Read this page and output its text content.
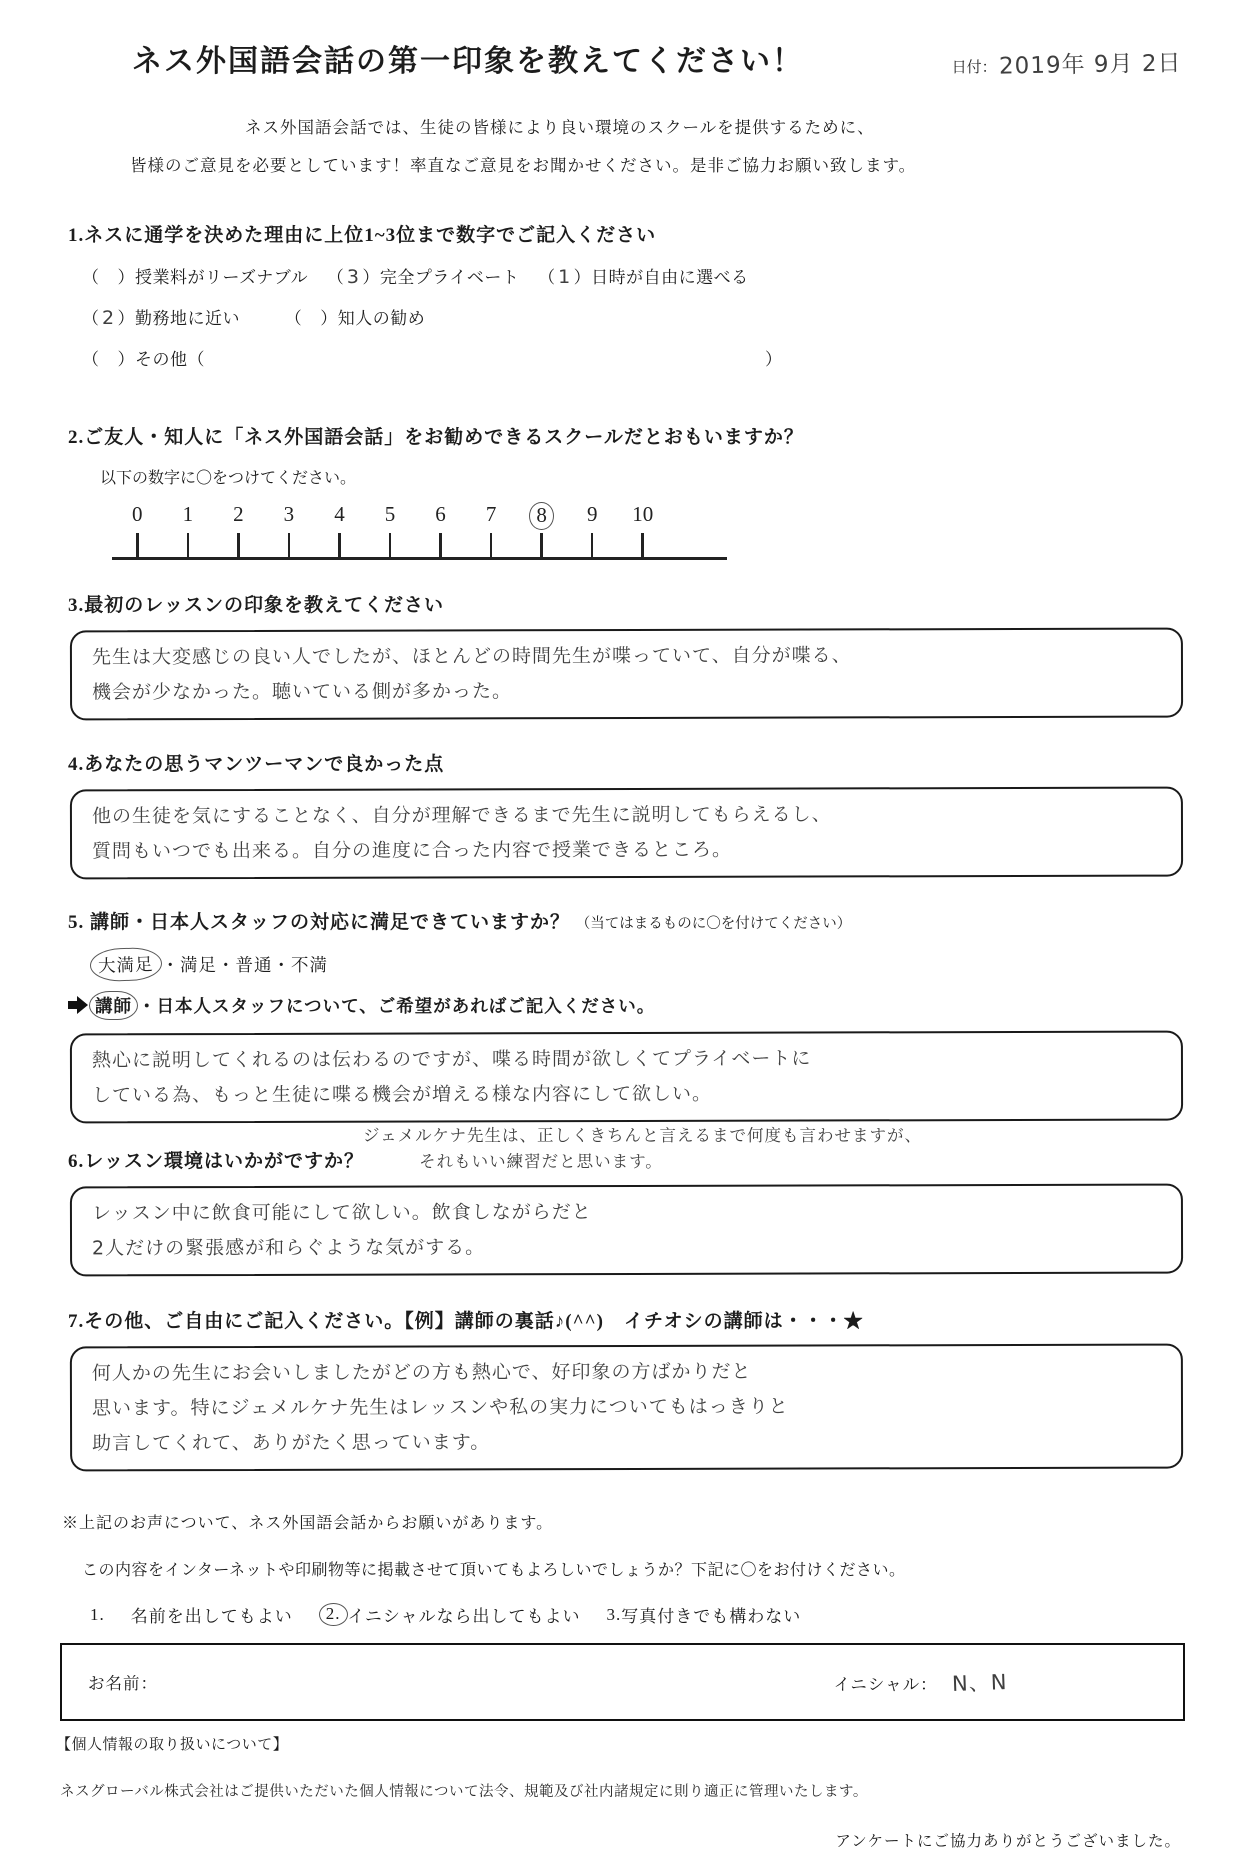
ネス外国語会話の第一印象を教えてください！	日付： 2019年 9月 2日
ネス外国語会話では、生徒の皆様により良い環境のスクールを提供するために、
皆様のご意見を必要としています！率直なご意見をお聞かせください。是非ご協力お願い致します。
1.ネスに通学を決めた理由に上位1~3位まで数字でご記入ください
（ ）授業料がリーズナブル （ 3 ）完全プライベート （ 1 ）日時が自由に選べる
（ 2 ）勤務地に近い	（ ）知人の勧め
（ ）その他（	）
2.ご友人・知人に「ネス外国語会話」をお勧めできるスクールだとおもいますか？
以下の数字に〇をつけてください。
0	1	2	3	4	5	6	7	8	9	10
3.最初のレッスンの印象を教えてください
先生は大変感じの良い人でしたが、ほとんどの時間先生が喋っていて、自分が喋る、
機会が少なかった。聴いている側が多かった。
4.あなたの思うマンツーマンで良かった点
他の生徒を気にすることなく、自分が理解できるまで先生に説明してもらえるし、
質問もいつでも出来る。自分の進度に合った内容で授業できるところ。
5. 講師・日本人スタッフの対応に満足できていますか？ （当てはまるものに〇を付けてください）
大満足 ・満足・普通・不満
講師 ・日本人スタッフについて、ご希望があればご記入ください。
熱心に説明してくれるのは伝わるのですが、喋る時間が欲しくてプライベートに
している為、もっと生徒に喋る機会が増える様な内容にして欲しい。
ジェメルケナ先生は、正しくきちんと言えるまで何度も言わせますが、
6.レッスン環境はいかがですか？	それもいい練習だと思います。
レッスン中に飲食可能にして欲しい。飲食しながらだと
2人だけの緊張感が和らぐような気がする。
7.その他、ご自由にご記入ください。【例】講師の裏話♪(^^)　イチオシの講師は・・・★
何人かの先生にお会いしましたがどの方も熱心で、好印象の方ばかりだと
思います。特にジェメルケナ先生はレッスンや私の実力についてもはっきりと
助言してくれて、ありがたく思っています。
※上記のお声について、ネス外国語会話からお願いがあります。
この内容をインターネットや印刷物等に掲載させて頂いてもよろしいでしょうか？下記に〇をお付けください。
1. 名前を出してもよい	2. イニシャルなら出してもよい 3. 写真付きでも構わない
お名前：	イニシャル： N、N
【個人情報の取り扱いについて】
ネスグローバル株式会社はご提供いただいた個人情報について法令、規範及び社内諸規定に則り適正に管理いたします。
アンケートにご協力ありがとうございました。
